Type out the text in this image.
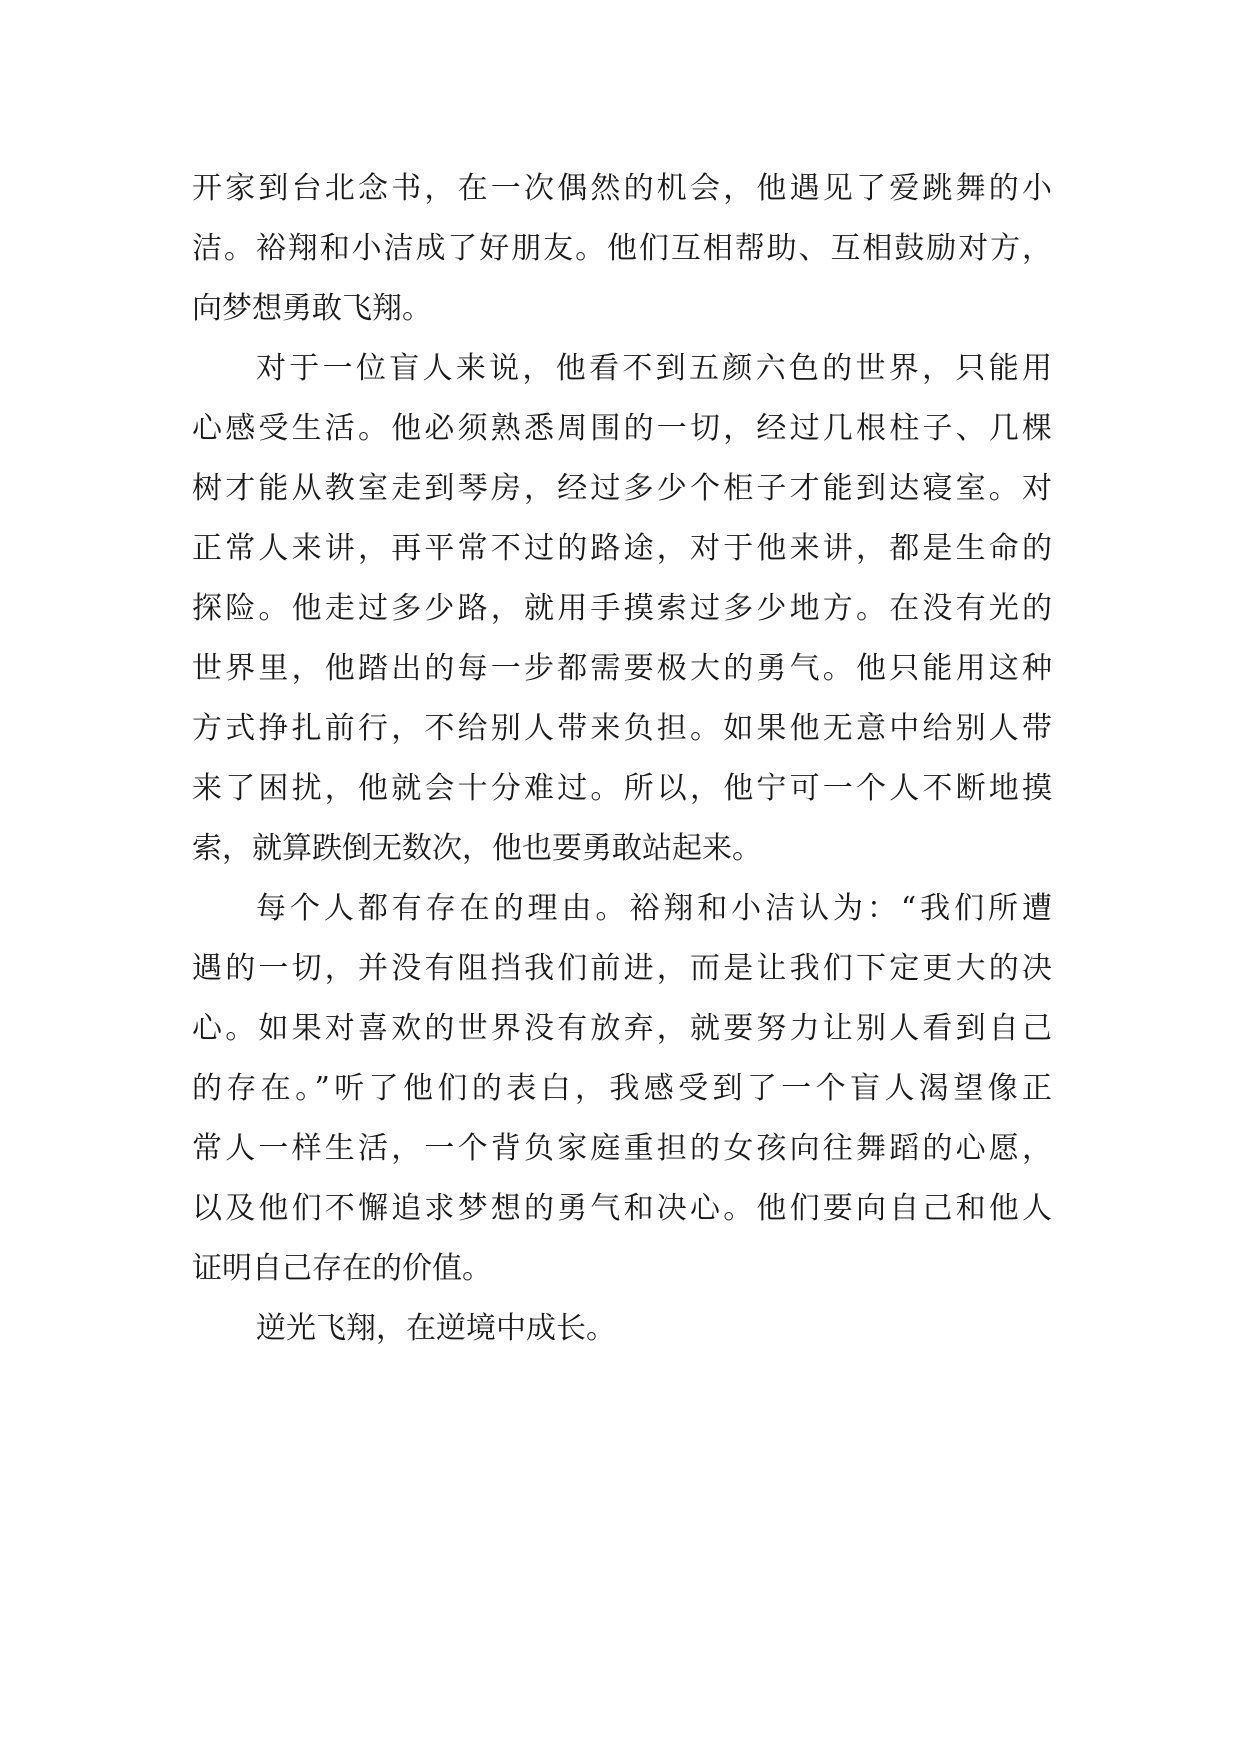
开家到台北念书，在一次偶然的机会，他遇见了爱跳舞的小
洁。裕翔和小洁成了好朋友。他们互相帮助、互相鼓励对方，
向梦想勇敢飞翔。
对于一位盲人来说，他看不到五颜六色的世界，只能用
心感受生活。他必须熟悉周围的一切，经过几根柱子、几棵
树才能从教室走到琴房，经过多少个柜子才能到达寝室。对
正常人来讲，再平常不过的路途，对于他来讲，都是生命的
探险。他走过多少路，就用手摸索过多少地方。在没有光的
世界里，他踏出的每一步都需要极大的勇气。他只能用这种
方式挣扎前行，不给别人带来负担。如果他无意中给别人带
来了困扰，他就会十分难过。所以，他宁可一个人不断地摸
索，就算跌倒无数次，他也要勇敢站起来。
每个人都有存在的理由。裕翔和小洁认为：“我们所遭
遇的一切，并没有阻挡我们前进，而是让我们下定更大的决
心。如果对喜欢的世界没有放弃，就要努力让别人看到自己
的存在。”听了他们的表白，我感受到了一个盲人渴望像正
常人一样生活，一个背负家庭重担的女孩向往舞蹈的心愿，
以及他们不懈追求梦想的勇气和决心。他们要向自己和他人
证明自己存在的价值。
逆光飞翔，在逆境中成长。
